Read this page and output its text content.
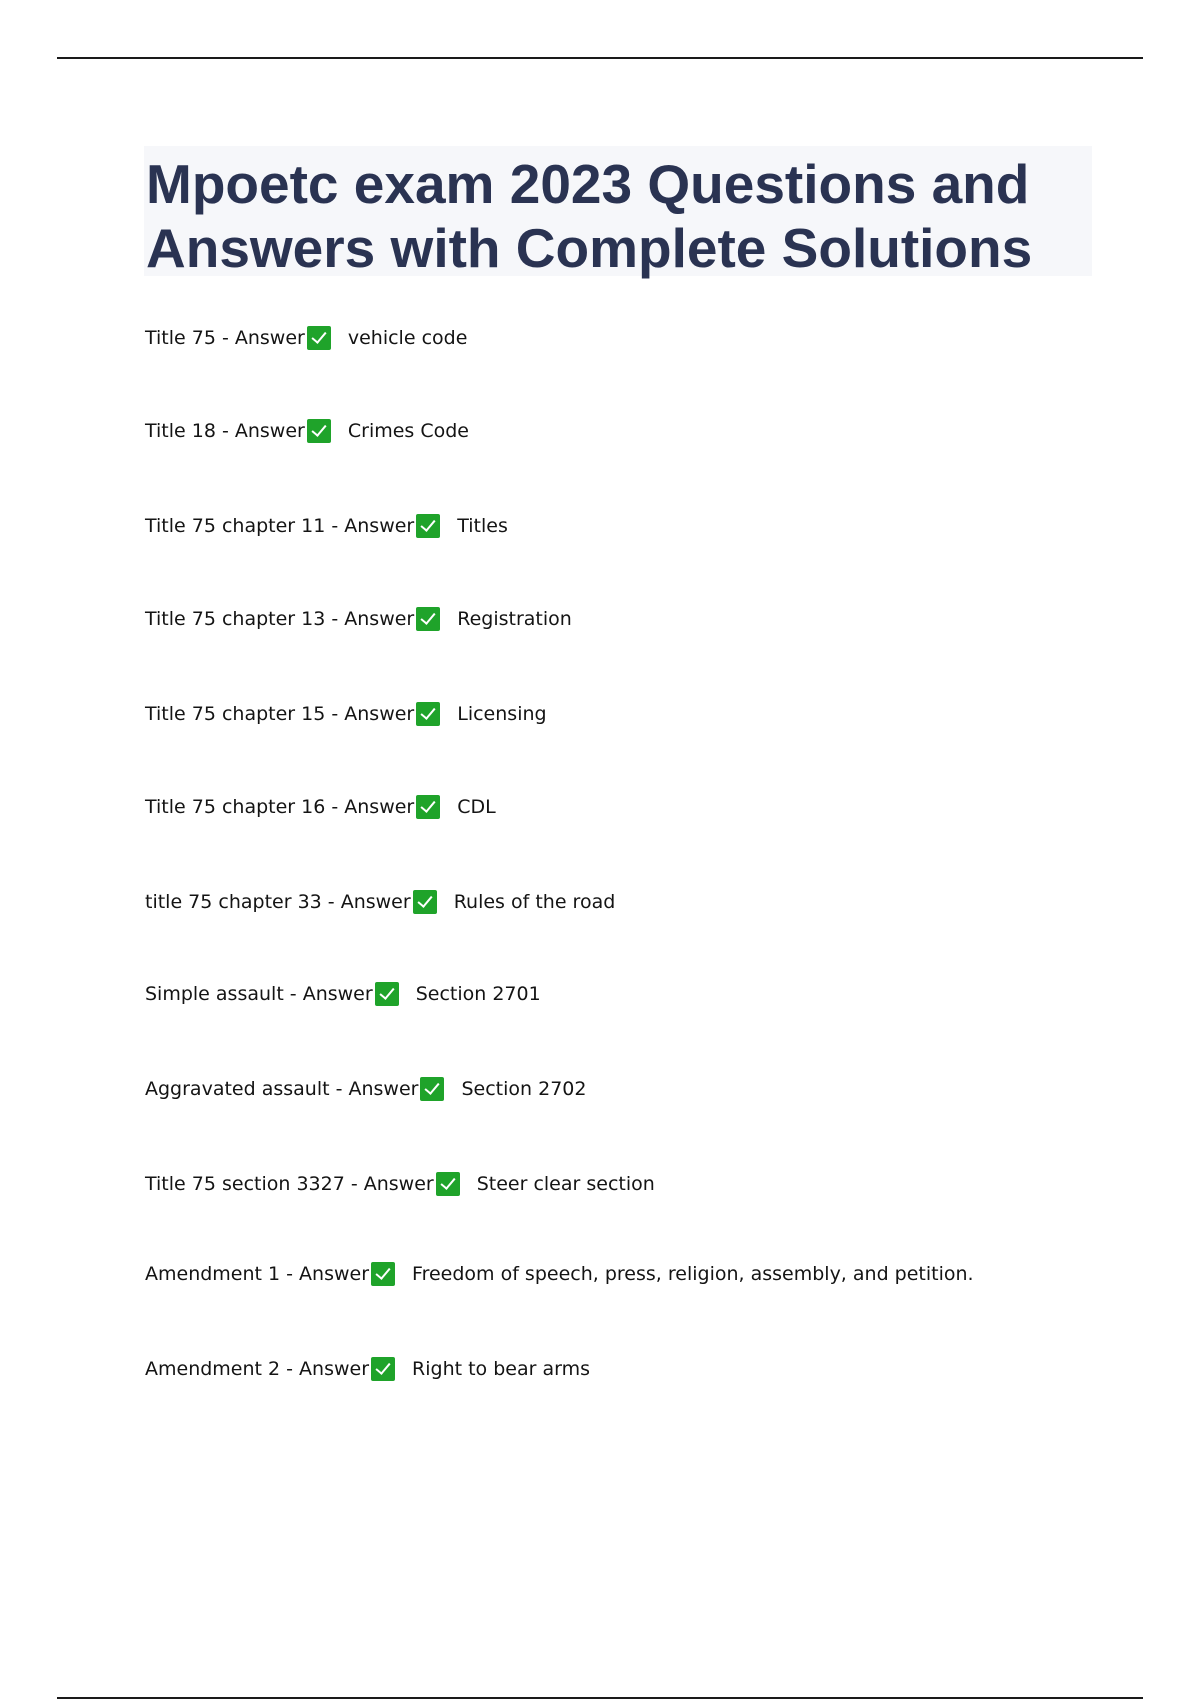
Mpoetc exam 2023 Questions and Answers with Complete Solutions
Title 75 - Answer vehicle code
Title 18 - Answer Crimes Code
Title 75 chapter 11 - Answer Titles
Title 75 chapter 13 - Answer Registration
Title 75 chapter 15 - Answer Licensing
Title 75 chapter 16 - Answer CDL
title 75 chapter 33 - Answer Rules of the road
Simple assault - Answer Section 2701
Aggravated assault - Answer Section 2702
Title 75 section 3327 - Answer Steer clear section
Amendment 1 - Answer Freedom of speech, press, religion, assembly, and petition.
Amendment 2 - Answer Right to bear arms
